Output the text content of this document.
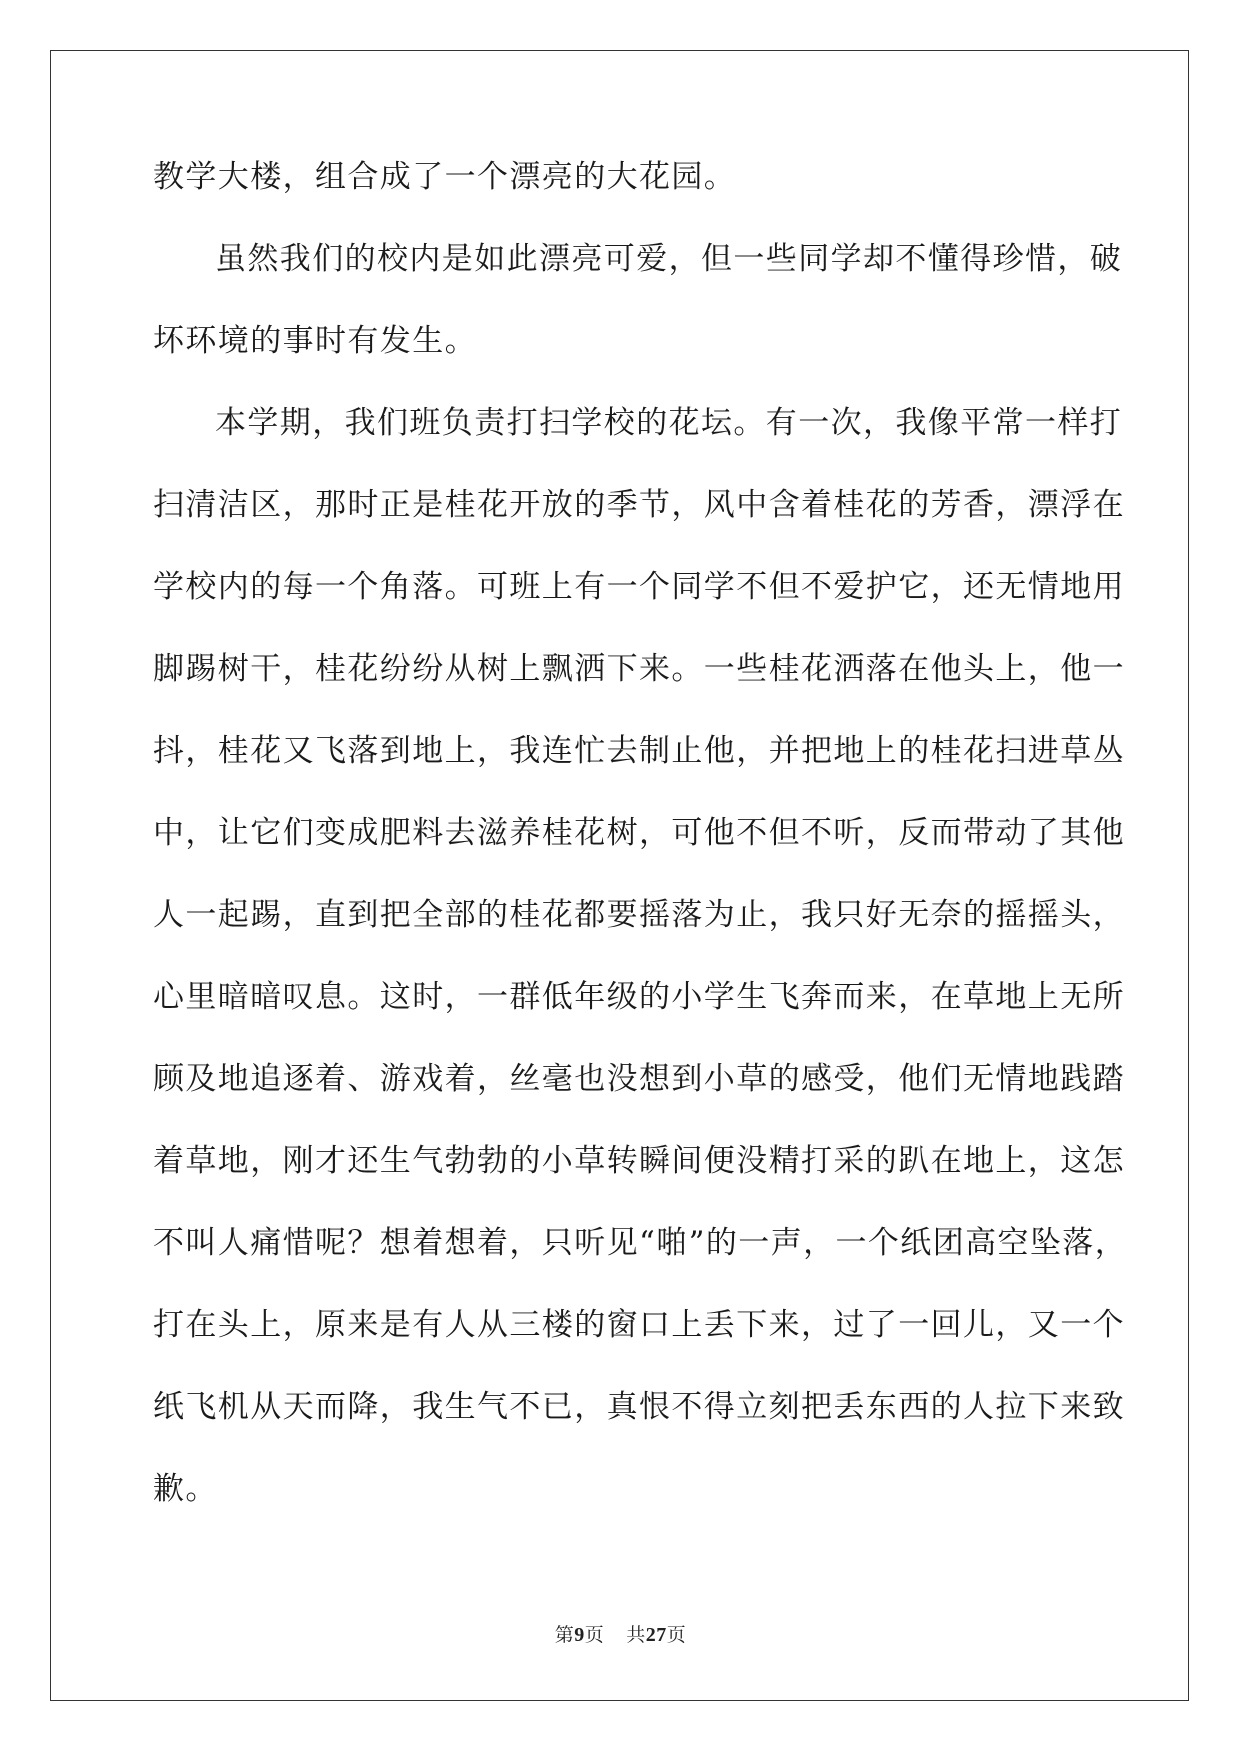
教学大楼，组合成了一个漂亮的大花园。
虽然我们的校内是如此漂亮可爱，但一些同学却不懂得珍惜，破
坏环境的事时有发生。
本学期，我们班负责打扫学校的花坛。有一次，我像平常一样打
扫清洁区，那时正是桂花开放的季节，风中含着桂花的芳香，漂浮在
学校内的每一个角落。可班上有一个同学不但不爱护它，还无情地用
脚踢树干，桂花纷纷从树上飘洒下来。一些桂花洒落在他头上，他一
抖，桂花又飞落到地上，我连忙去制止他，并把地上的桂花扫进草丛
中，让它们变成肥料去滋养桂花树，可他不但不听，反而带动了其他
人一起踢，直到把全部的桂花都要摇落为止，我只好无奈的摇摇头，
心里暗暗叹息。这时，一群低年级的小学生飞奔而来，在草地上无所
顾及地追逐着、游戏着，丝毫也没想到小草的感受，他们无情地践踏
着草地，刚才还生气勃勃的小草转瞬间便没精打采的趴在地上，这怎
不叫人痛惜呢？想着想着，只听见“啪”的一声，一个纸团高空坠落，
打在头上，原来是有人从三楼的窗口上丢下来，过了一回儿，又一个
纸飞机从天而降，我生气不已，真恨不得立刻把丢东西的人拉下来致
歉。
第9页 共27页
